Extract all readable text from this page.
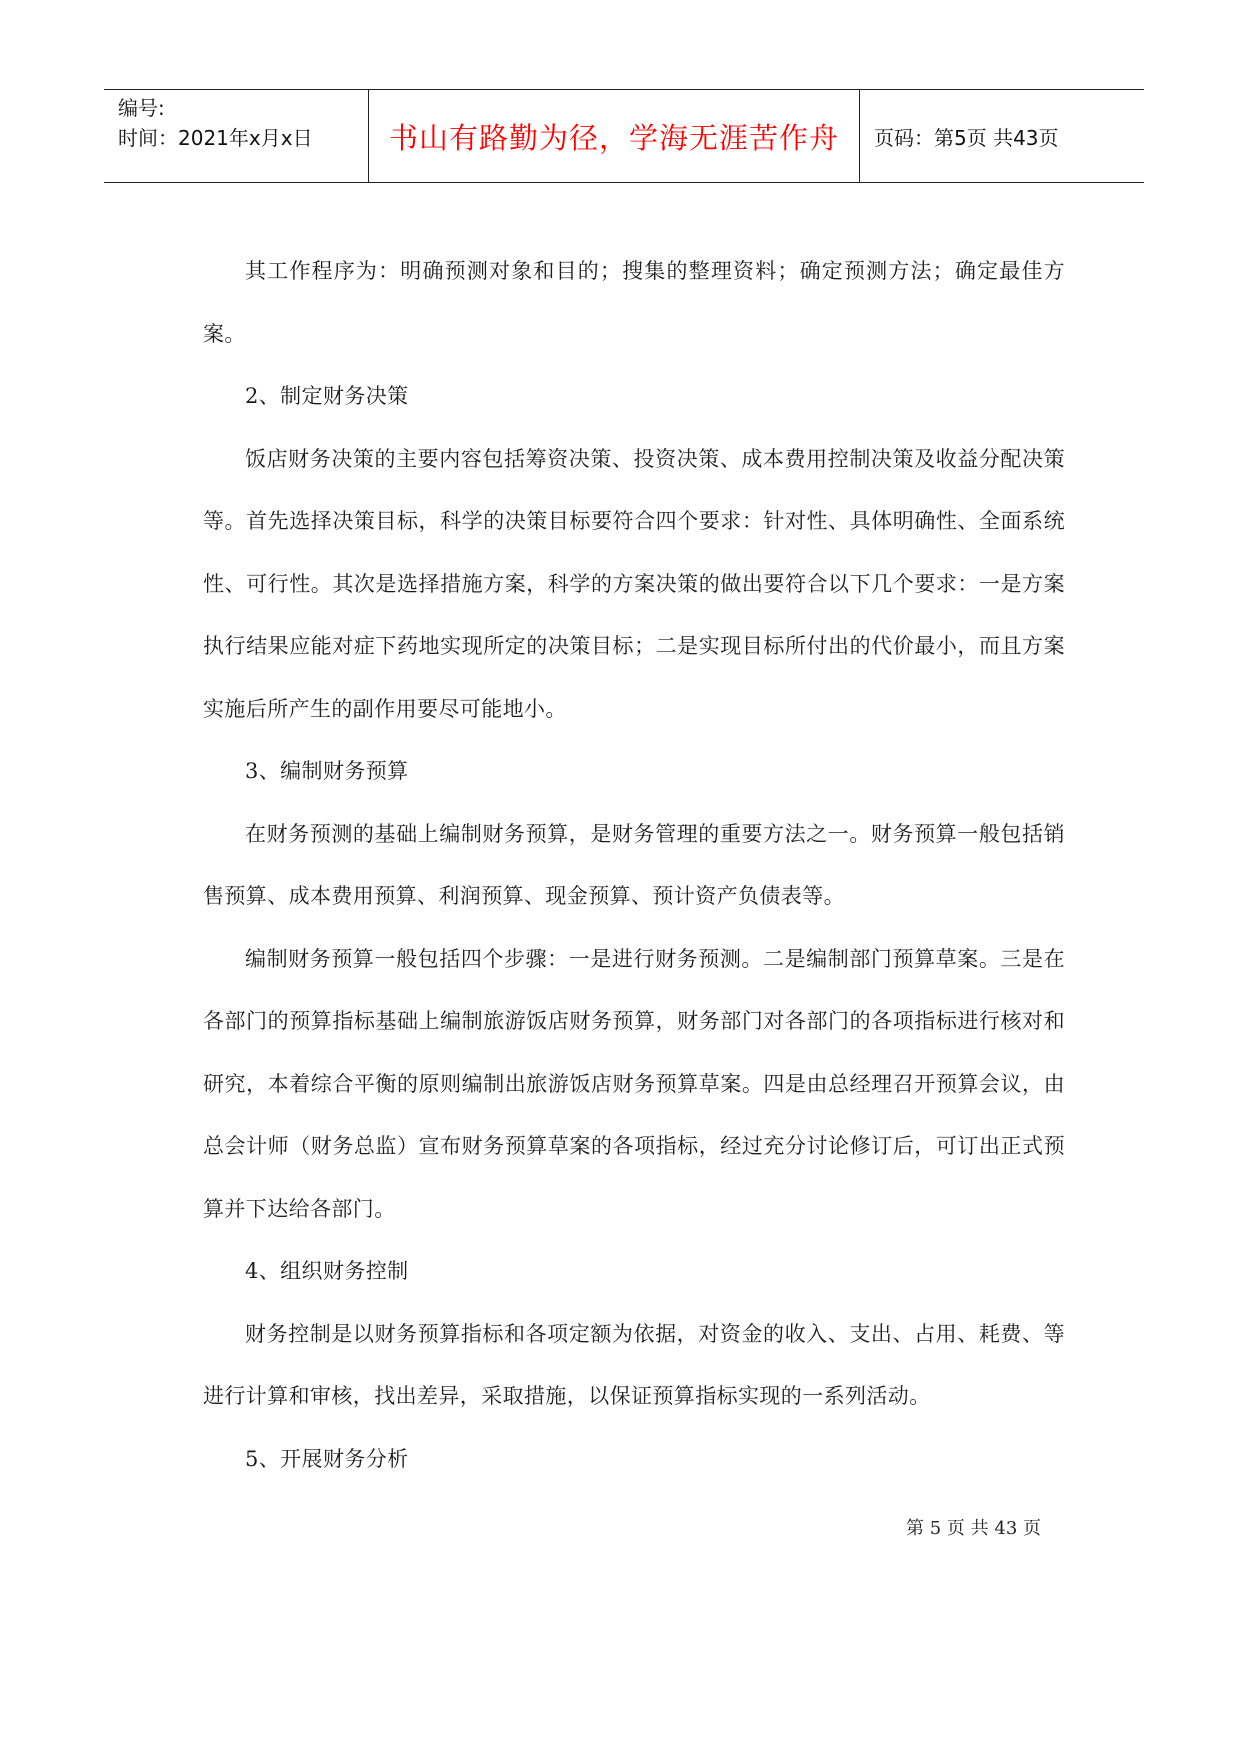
编号:
时间：2021年x月x日	书山有路勤为径，学海无涯苦作舟 页码：第5页 共43页

其工作程序为：明确预测对象和目的；搜集的整理资料；确定预测方法；确定最佳方案。

2、制定财务决策

饭店财务决策的主要内容包括筹资决策、投资决策、成本费用控制决策及收益分配决策等。首先选择决策目标，科学的决策目标要符合四个要求：针对性、具体明确性、全面系统性、可行性。其次是选择措施方案，科学的方案决策的做出要符合以下几个要求：一是方案执行结果应能对症下药地实现所定的决策目标；二是实现目标所付出的代价最小，而且方案实施后所产生的副作用要尽可能地小。

3、编制财务预算

在财务预测的基础上编制财务预算，是财务管理的重要方法之一。财务预算一般包括销售预算、成本费用预算、利润预算、现金预算、预计资产负债表等。

编制财务预算一般包括四个步骤：一是进行财务预测。二是编制部门预算草案。三是在各部门的预算指标基础上编制旅游饭店财务预算，财务部门对各部门的各项指标进行核对和研究，本着综合平衡的原则编制出旅游饭店财务预算草案。四是由总经理召开预算会议，由总会计师（财务总监）宣布财务预算草案的各项指标，经过充分讨论修订后，可订出正式预算并下达给各部门。

4、组织财务控制

财务控制是以财务预算指标和各项定额为依据，对资金的收入、支出、占用、耗费、等进行计算和审核，找出差异，采取措施，以保证预算指标实现的一系列活动。

5、开展财务分析

第 5 页 共 43 页
